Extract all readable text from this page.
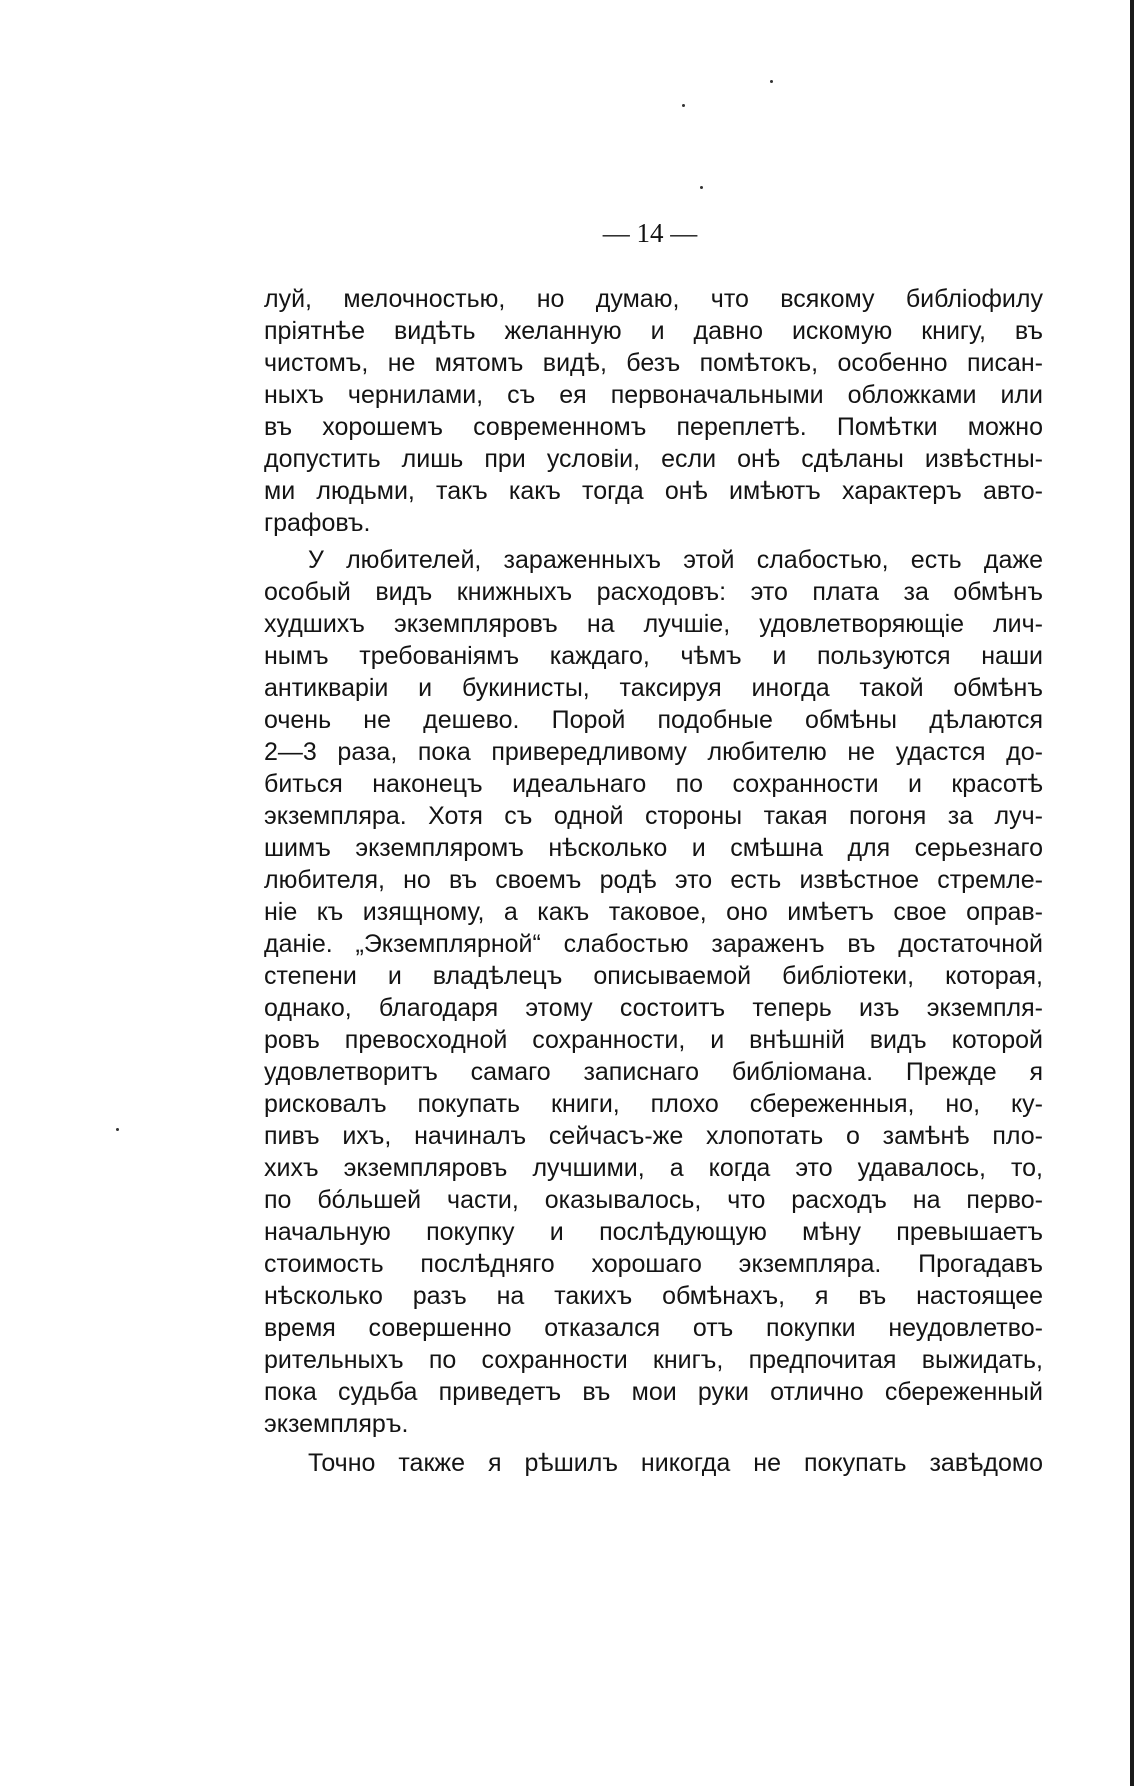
— 14 —
луй, мелочностью, но думаю, что всякому библіофилу
пріятнѣе видѣть желанную и давно искомую книгу, въ
чистомъ, не мятомъ видѣ, безъ помѣтокъ, особенно писан-
ныхъ чернилами, съ ея первоначальными обложками или
въ хорошемъ современномъ переплетѣ. Помѣтки можно
допустить лишь при условіи, если онѣ сдѣланы извѣстны-
ми людьми, такъ какъ тогда онѣ имѣютъ характеръ авто-
графовъ.
У любителей, зараженныхъ этой слабостью, есть даже
особый видъ книжныхъ расходовъ: это плата за обмѣнъ
худшихъ экземпляровъ на лучшіе, удовлетворяющіе лич-
нымъ требованіямъ каждаго, чѣмъ и пользуются наши
антикваріи и букинисты, таксируя иногда такой обмѣнъ
очень не дешево. Порой подобные обмѣны дѣлаются
2—3 раза, пока привередливому любителю не удастся до-
биться наконецъ идеальнаго по сохранности и красотѣ
экземпляра. Хотя съ одной стороны такая погоня за луч-
шимъ экземпляромъ нѣсколько и смѣшна для серьезнаго
любителя, но въ своемъ родѣ это есть извѣстное стремле-
ніе къ изящному, а какъ таковое, оно имѣетъ свое оправ-
даніе. „Экземплярной“ слабостью зараженъ въ достаточной
степени и владѣлецъ описываемой библіотеки, которая,
однако, благодаря этому состоитъ теперь изъ экземпля-
ровъ превосходной сохранности, и внѣшній видъ которой
удовлетворитъ самаго записнаго библіомана. Прежде я
рисковалъ покупать книги, плохо сбереженныя, но, ку-
пивъ ихъ, начиналъ сейчасъ-же хлопотать о замѣнѣ пло-
хихъ экземпляровъ лучшими, а когда это удавалось, то,
по бóльшей части, оказывалось, что расходъ на перво-
начальную покупку и послѣдующую мѣну превышаетъ
стоимость послѣдняго хорошаго экземпляра. Прогадавъ
нѣсколько разъ на такихъ обмѣнахъ, я въ настоящее
время совершенно отказался отъ покупки неудовлетво-
рительныхъ по сохранности книгъ, предпочитая выжидать,
пока судьба приведетъ въ мои руки отлично сбереженный
экземпляръ.
Точно также я рѣшилъ никогда не покупать завѣдомо
